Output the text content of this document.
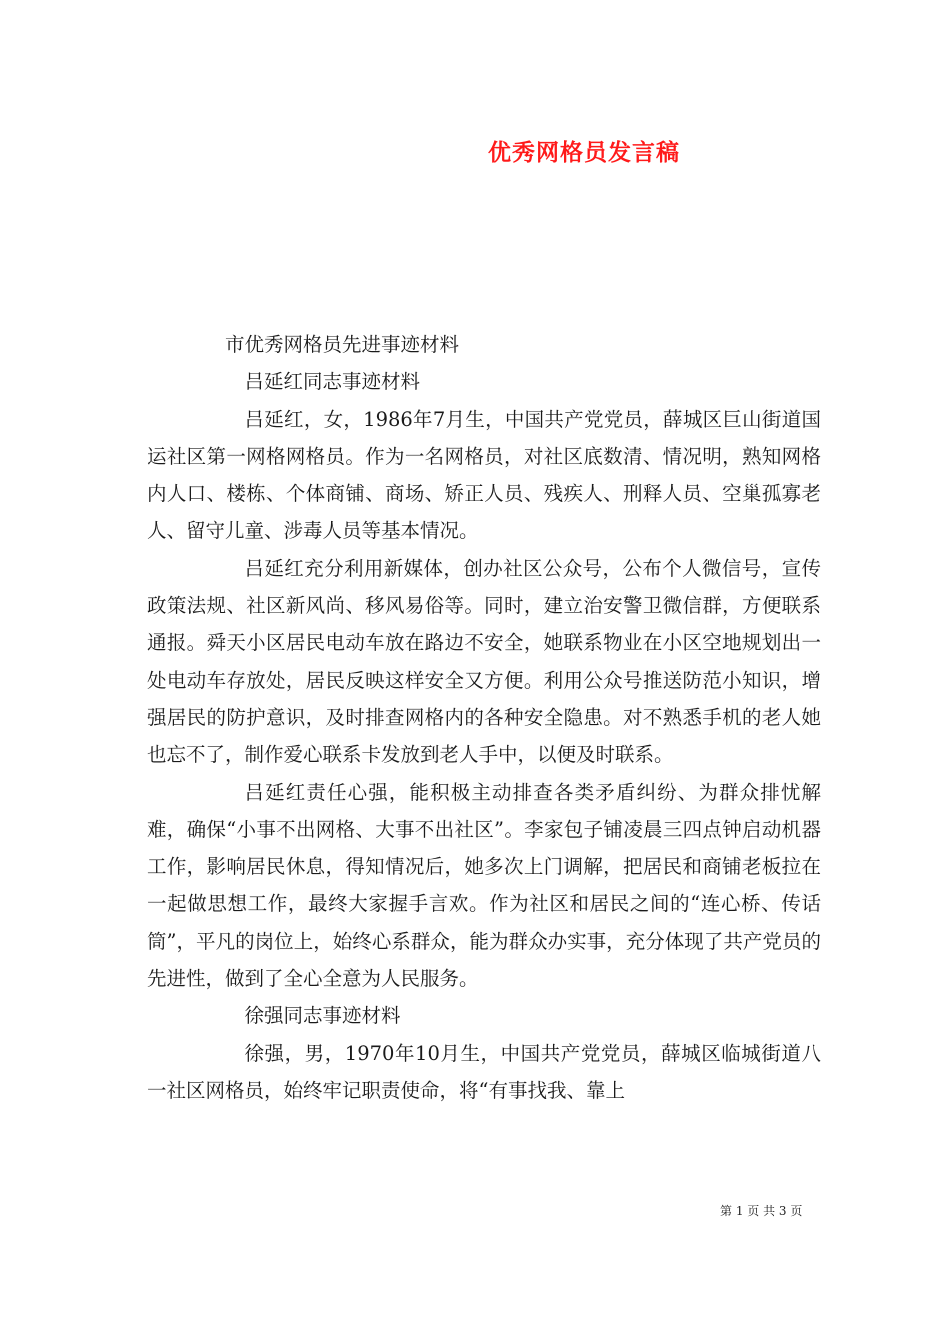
优秀网格员发言稿

市优秀网格员先进事迹材料

吕延红同志事迹材料

吕延红，女，1986年7月生，中国共产党党员，薛城区巨山街道国运社区第一网格网格员。作为一名网格员，对社区底数清、情况明，熟知网格内人口、楼栋、个体商铺、商场、矫正人员、残疾人、刑释人员、空巢孤寡老人、留守儿童、涉毒人员等基本情况。

吕延红充分利用新媒体，创办社区公众号，公布个人微信号，宣传政策法规、社区新风尚、移风易俗等。同时，建立治安警卫微信群，方便联系通报。舜天小区居民电动车放在路边不安全，她联系物业在小区空地规划出一处电动车存放处，居民反映这样安全又方便。利用公众号推送防范小知识，增强居民的防护意识，及时排查网格内的各种安全隐患。对不熟悉手机的老人她也忘不了，制作爱心联系卡发放到老人手中，以便及时联系。

吕延红责任心强，能积极主动排查各类矛盾纠纷、为群众排忧解难，确保“小事不出网格、大事不出社区”。李家包子铺凌晨三四点钟启动机器工作，影响居民休息，得知情况后，她多次上门调解，把居民和商铺老板拉在一起做思想工作，最终大家握手言欢。作为社区和居民之间的“连心桥、传话筒”，平凡的岗位上，始终心系群众，能为群众办实事，充分体现了共产党员的先进性，做到了全心全意为人民服务。

徐强同志事迹材料

徐强，男，1970年10月生，中国共产党党员，薛城区临城街道八一社区网格员，始终牢记职责使命，将“有事找我、靠上

第 1 页 共 3 页
